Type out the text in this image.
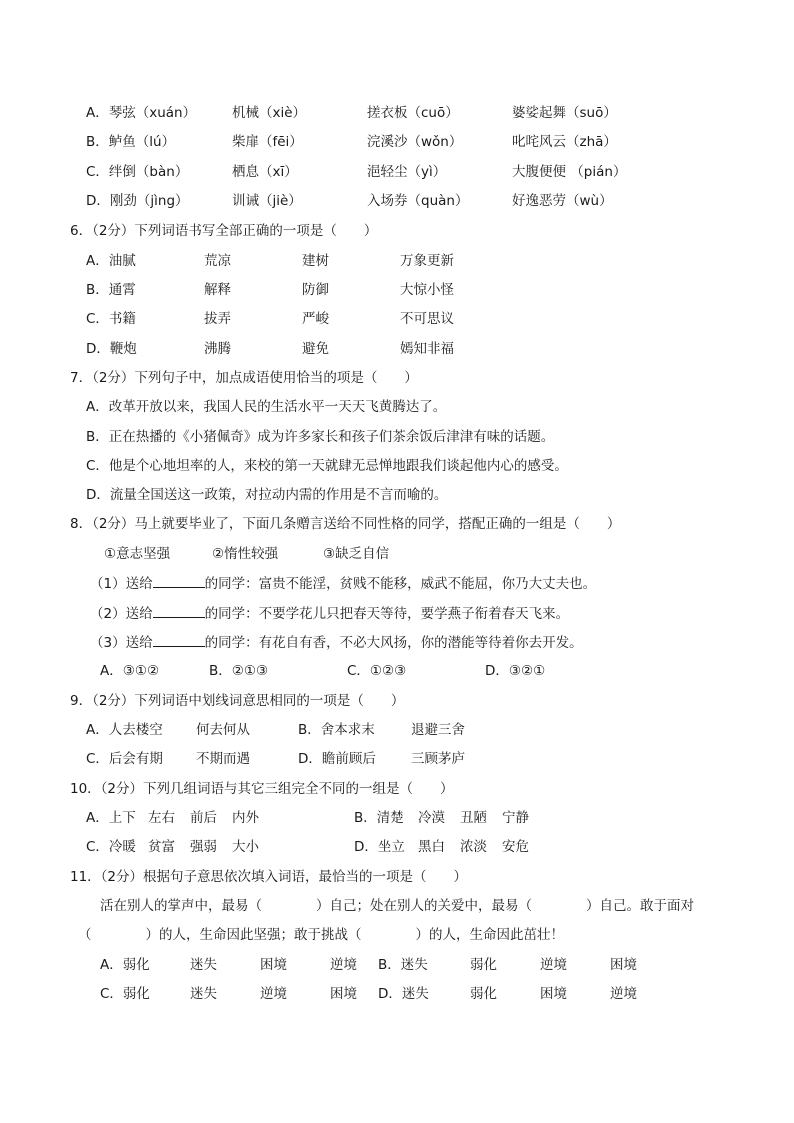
A．琴弦（xuán）	机械（xiè）	搓衣板（cuō）	婆娑起舞（suō）
B．鲈鱼（lú）	柴扉（fēi）	浣溪沙（wǒn）	叱咤风云（zhā）
C．绊倒（bàn）	栖息（xī）	浥轻尘（yì）	大腹便便 （pián）
D．刚劲（jìng）	训诫（jiè）	入场券（quàn）	好逸恶劳（wù）
6．（2分）下列词语书写全部正确的一项是（　　）
A．油腻	荒凉	建树	万象更新
B．通霄	解释	防御	大惊小怪
C．书籍	拔弄	严峻	不可思议
D．鞭炮	沸腾	避免	嫣知非福
7．（2分）下列句子中，加点成语使用恰当的项是（　　）
A．改革开放以来，我国人民的生活水平一天天飞黄腾达了。
B．正在热播的《小猪佩奇》成为许多家长和孩子们茶余饭后津津有味的话题。
C．他是个心地坦率的人，来校的第一天就肆无忌惮地跟我们谈起他内心的感受。
D．流量全国送这一政策，对拉动内需的作用是不言而喻的。
8．（2分）马上就要毕业了，下面几条赠言送给不同性格的同学，搭配正确的一组是（　　）
①意志坚强	②惰性较强	③缺乏自信
（1）送给	的同学：富贵不能淫，贫贱不能移，威武不能屈，你乃大丈夫也。
（2）送给	的同学：不要学花儿只把春天等待，要学燕子衔着春天飞来。
（3）送给	的同学：有花自有香，不必大风扬，你的潜能等待着你去开发。
A．③①②	B．②①③	C．①②③	D．③②①
9．（2分）下列词语中划线词意思相同的一项是（　　）
A．人去楼空 何去何从	B．舍本求末	退避三舍
C．后会有期 不期而遇	D．瞻前顾后	三顾茅庐
10．（2分）下列几组词语与其它三组完全不同的一组是（　　）
A．上下 左右 前后 内外	B．清楚 冷漠 丑陋 宁静
C．冷暖 贫富 强弱 大小	D．坐立 黑白 浓淡 安危
11．（2分）根据句子意思依次填入词语，最恰当的一项是（　　）
活在别人的掌声中，最易（　　　　）自己；处在别人的关爱中，最易（　　　　）自己。敢于面对
（　　　　）的人，生命因此坚强；敢于挑战（　　　　）的人，生命因此茁壮！
A．弱化	迷失	困境	逆境 B．迷失	弱化	逆境	困境
C．弱化	迷失	逆境	困境 D．迷失	弱化	困境	逆境
